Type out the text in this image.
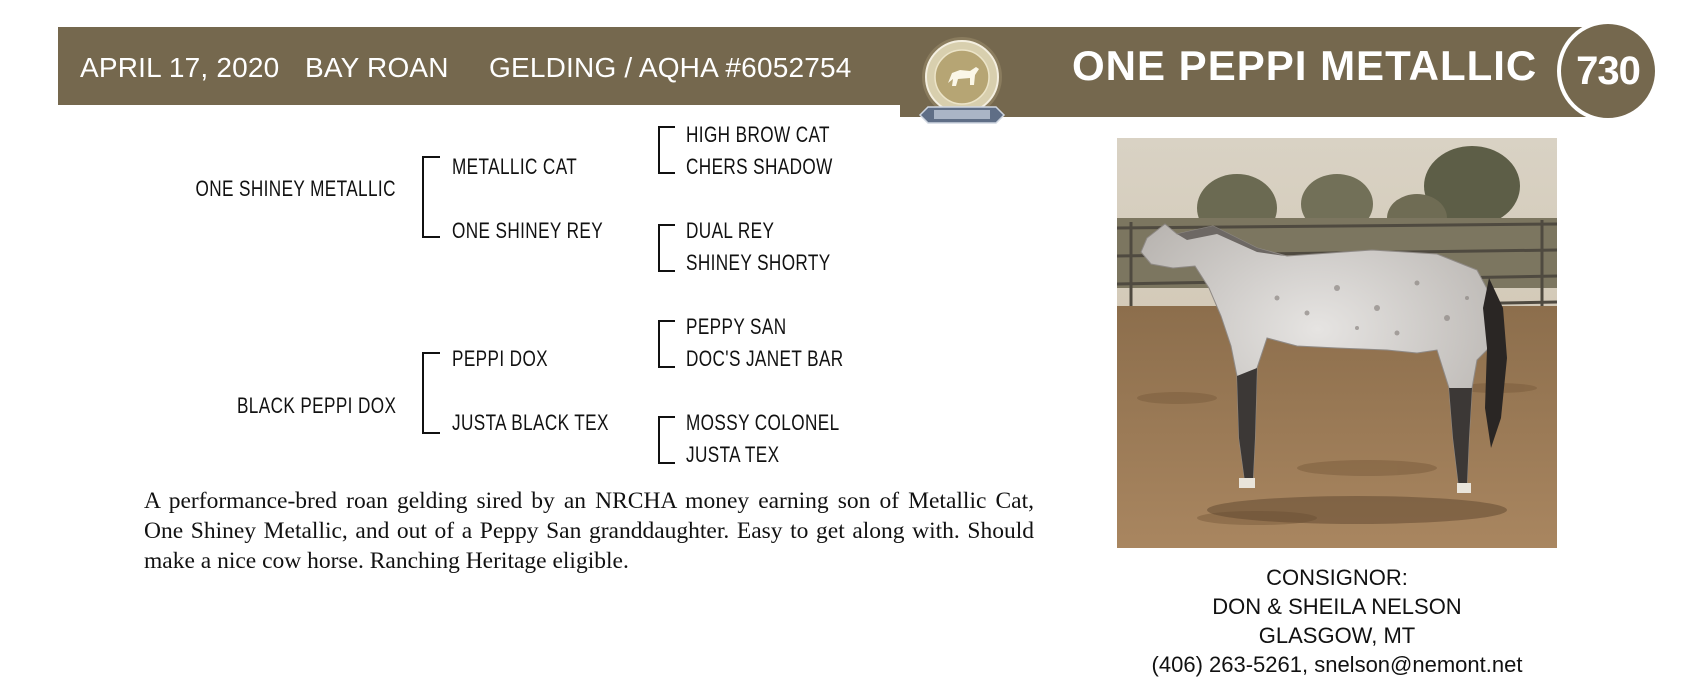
APRIL 17, 2020 BAY ROAN GELDING / AQHA #6052754	ONE PEPPI METALLIC 730
ONE SHINEY METALLIC
BLACK PEPPI DOX
METALLIC CAT
ONE SHINEY REY
PEPPI DOX
JUSTA BLACK TEX
HIGH BROW CAT
CHERS SHADOW
DUAL REY
SHINEY SHORTY
PEPPY SAN
DOC'S JANET BAR
MOSSY COLONEL
JUSTA TEX

A performance-bred roan gelding sired by an NRCHA money earning son of Metallic Cat, One Shiney Metallic, and out of a Peppy San granddaughter. Easy to get along with. Should make a nice cow horse. Ranching Heritage eligible.

CONSIGNOR:
DON & SHEILA NELSON
GLASGOW, MT
(406) 263-5261, snelson@nemont.net
